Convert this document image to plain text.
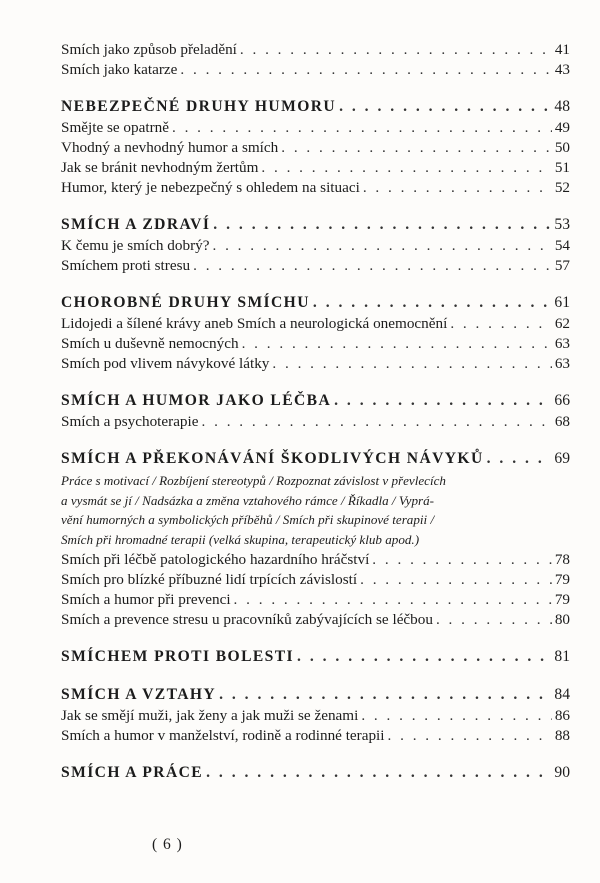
Smích jako způsob přeladění . . .	41
Smích jako katarze . . .	43
NEBEZPEČNÉ DRUHY HUMORU . . .	48
Smějte se opatrně . . .	49
Vhodný a nevhodný humor a smích . . .	50
Jak se bránit nevhodným žertům . . .	51
Humor, který je nebezpečný s ohledem na situaci . . .	52
SMÍCH A ZDRAVÍ . . .	53
K čemu je smích dobrý? . . .	54
Smíchem proti stresu . . .	57
CHOROBNÉ DRUHY SMÍCHU . . .	61
Lidojedi a šílené krávy aneb Smích a neurologická onemocnění . . .	62
Smích u duševně nemocných . . .	63
Smích pod vlivem návykové látky . . .	63
SMÍCH A HUMOR JAKO LÉČBA . . .	66
Smích a psychoterapie . . .	68
SMÍCH A PŘEKONÁVÁNÍ ŠKODLIVÝCH NÁVYKŮ . . .	69
Práce s motivací / Rozbíjení stereotypů / Rozpoznat závislost v převlecích
a vysmát se jí / Nadsázka a změna vztahového rámce / Říkadla / Vyprá-
vění humorných a symbolických příběhů / Smích při skupinové terapii /
Smích při hromadné terapii (velká skupina, terapeutický klub apod.)
Smích při léčbě patologického hazardního hráčství . . .	78
Smích pro blízké příbuzné lidí trpících závislostí . . .	79
Smích a humor při prevenci . . .	79
Smích a prevence stresu u pracovníků zabývajících se léčbou . . .	80
SMÍCHEM PROTI BOLESTI . . .	81
SMÍCH A VZTAHY . . .	84
Jak se smějí muži, jak ženy a jak muži se ženami . . .	86
Smích a humor v manželství, rodině a rodinné terapii . . .	88
SMÍCH A PRÁCE . . .	90
( 6 )
